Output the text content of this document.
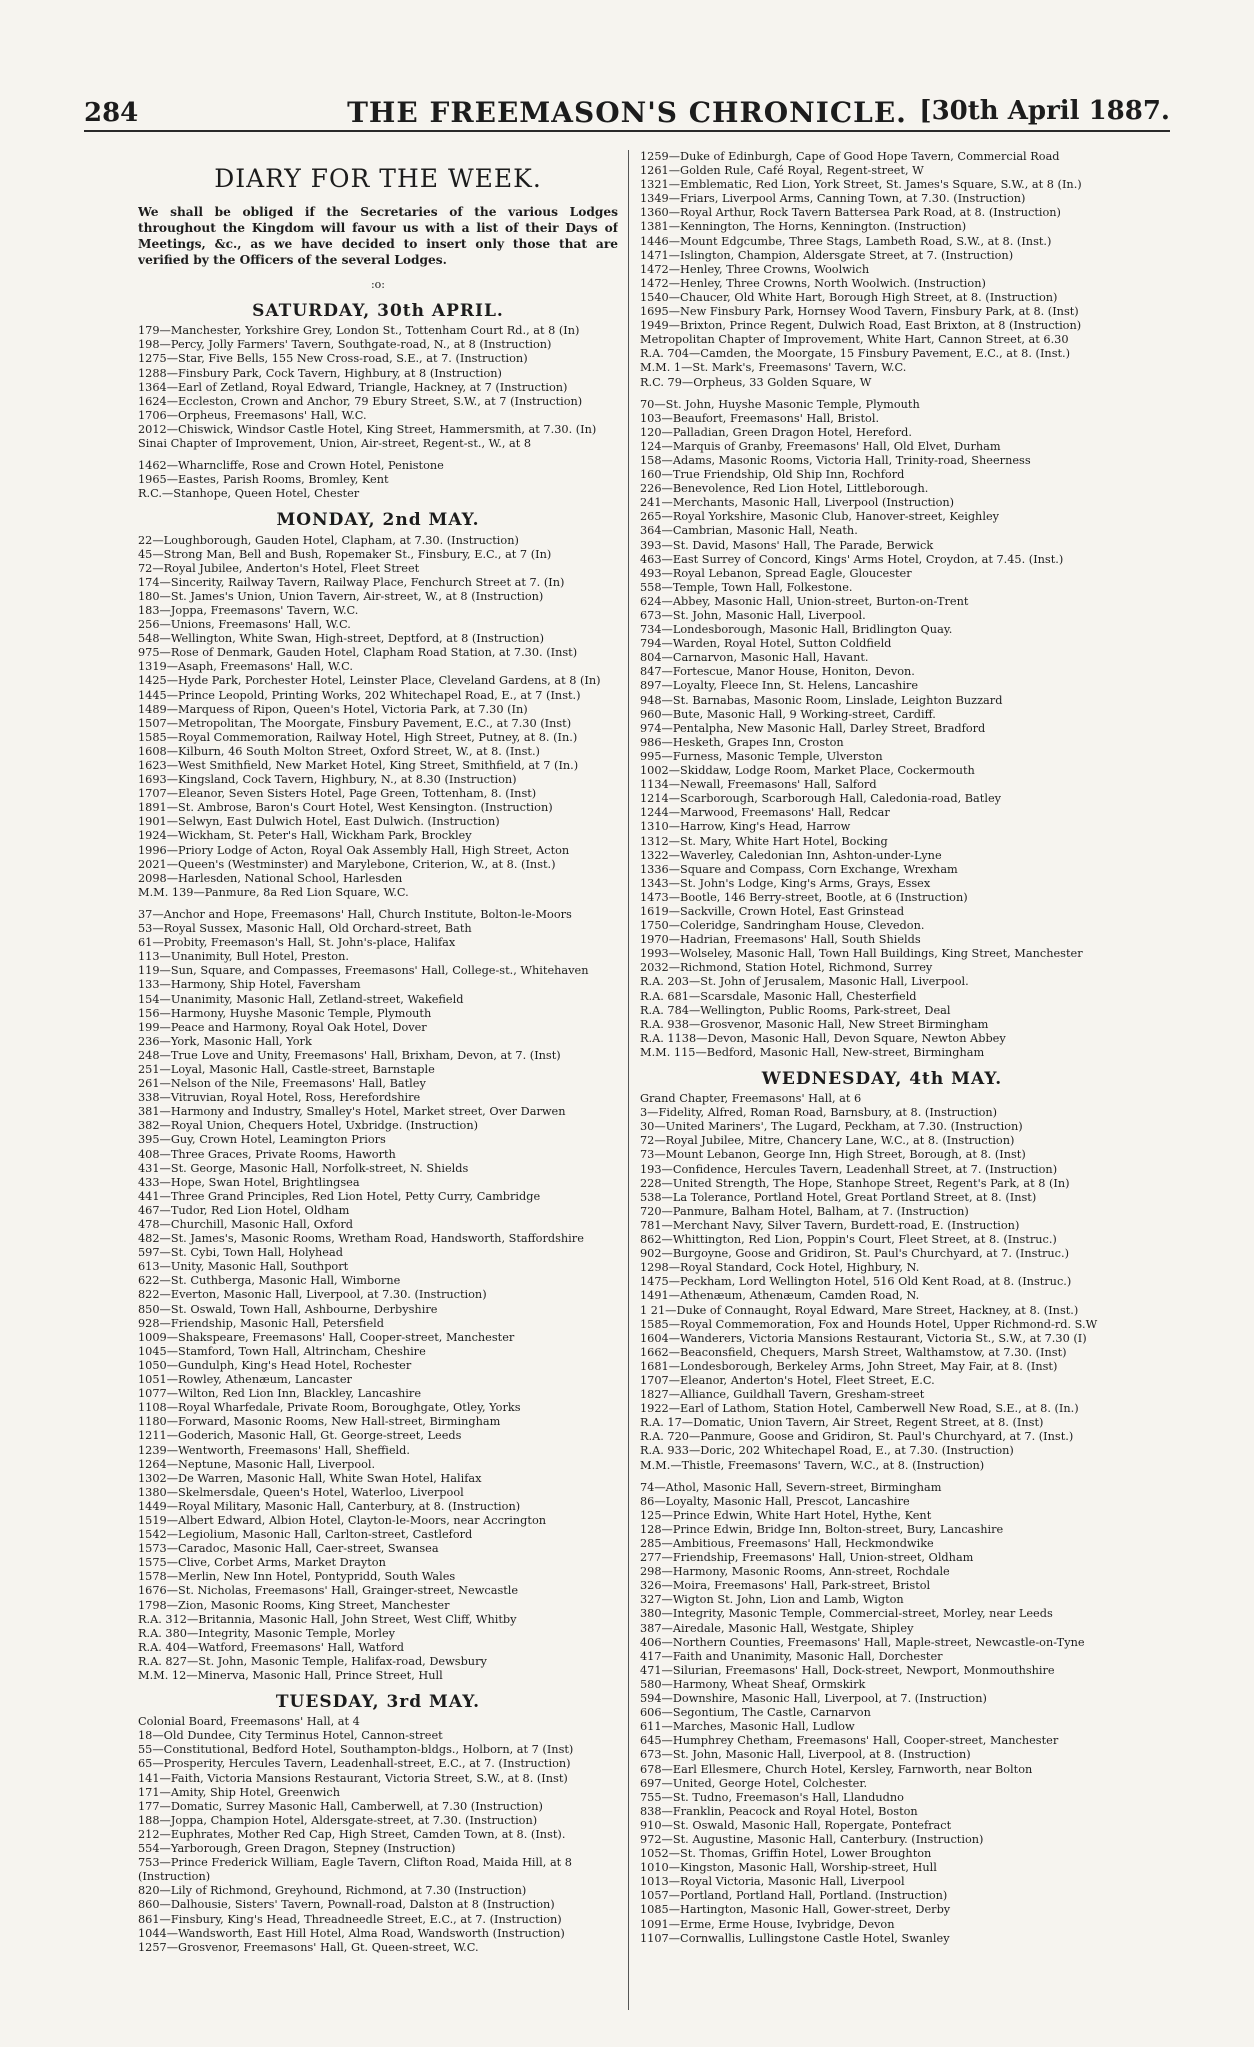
284	THE FREEMASON'S CHRONICLE. [30th April 1887.
DIARY FOR THE WEEK.
We shall be obliged if the Secretaries of the various Lodges throughout the Kingdom will favour us with a list of their Days of Meetings, &c., as we have decided to insert only those that are verified by the Officers of the several Lodges.
:o:
SATURDAY, 30th APRIL.
179—Manchester, Yorkshire Grey, London St., Tottenham Court Rd., at 8 (In)
198—Percy, Jolly Farmers' Tavern, Southgate-road, N., at 8 (Instruction)
1275—Star, Five Bells, 155 New Cross-road, S.E., at 7. (Instruction)
1288—Finsbury Park, Cock Tavern, Highbury, at 8 (Instruction)
1364—Earl of Zetland, Royal Edward, Triangle, Hackney, at 7 (Instruction)
1624—Eccleston, Crown and Anchor, 79 Ebury Street, S.W., at 7 (Instruction)
1706—Orpheus, Freemasons' Hall, W.C.
2012—Chiswick, Windsor Castle Hotel, King Street, Hammersmith, at 7.30. (In)
Sinai Chapter of Improvement, Union, Air-street, Regent-st., W., at 8
1462—Wharncliffe, Rose and Crown Hotel, Penistone
1965—Eastes, Parish Rooms, Bromley, Kent
R.C.—Stanhope, Queen Hotel, Chester
MONDAY, 2nd MAY.
22—Loughborough, Gauden Hotel, Clapham, at 7.30. (Instruction)
45—Strong Man, Bell and Bush, Ropemaker St., Finsbury, E.C., at 7 (In)
72—Royal Jubilee, Anderton's Hotel, Fleet Street
174—Sincerity, Railway Tavern, Railway Place, Fenchurch Street at 7. (In)
180—St. James's Union, Union Tavern, Air-street, W., at 8 (Instruction)
183—Joppa, Freemasons' Tavern, W.C.
256—Unions, Freemasons' Hall, W.C.
548—Wellington, White Swan, High-street, Deptford, at 8 (Instruction)
975—Rose of Denmark, Gauden Hotel, Clapham Road Station, at 7.30. (Inst)
1319—Asaph, Freemasons' Hall, W.C.
1425—Hyde Park, Porchester Hotel, Leinster Place, Cleveland Gardens, at 8 (In)
1445—Prince Leopold, Printing Works, 202 Whitechapel Road, E., at 7 (Inst.)
1489—Marquess of Ripon, Queen's Hotel, Victoria Park, at 7.30 (In)
1507—Metropolitan, The Moorgate, Finsbury Pavement, E.C., at 7.30 (Inst)
1585—Royal Commemoration, Railway Hotel, High Street, Putney, at 8. (In.)
1608—Kilburn, 46 South Molton Street, Oxford Street, W., at 8. (Inst.)
1623—West Smithfield, New Market Hotel, King Street, Smithfield, at 7 (In.)
1693—Kingsland, Cock Tavern, Highbury, N., at 8.30 (Instruction)
1707—Eleanor, Seven Sisters Hotel, Page Green, Tottenham, 8. (Inst)
1891—St. Ambrose, Baron's Court Hotel, West Kensington. (Instruction)
1901—Selwyn, East Dulwich Hotel, East Dulwich. (Instruction)
1924—Wickham, St. Peter's Hall, Wickham Park, Brockley
1996—Priory Lodge of Acton, Royal Oak Assembly Hall, High Street, Acton
2021—Queen's (Westminster) and Marylebone, Criterion, W., at 8. (Inst.)
2098—Harlesden, National School, Harlesden
M.M. 139—Panmure, 8a Red Lion Square, W.C.
37—Anchor and Hope, Freemasons' Hall, Church Institute, Bolton-le-Moors
53—Royal Sussex, Masonic Hall, Old Orchard-street, Bath
61—Probity, Freemason's Hall, St. John's-place, Halifax
113—Unanimity, Bull Hotel, Preston.
119—Sun, Square, and Compasses, Freemasons' Hall, College-st., Whitehaven
133—Harmony, Ship Hotel, Faversham
154—Unanimity, Masonic Hall, Zetland-street, Wakefield
156—Harmony, Huyshe Masonic Temple, Plymouth
199—Peace and Harmony, Royal Oak Hotel, Dover
236—York, Masonic Hall, York
248—True Love and Unity, Freemasons' Hall, Brixham, Devon, at 7. (Inst)
251—Loyal, Masonic Hall, Castle-street, Barnstaple
261—Nelson of the Nile, Freemasons' Hall, Batley
338—Vitruvian, Royal Hotel, Ross, Herefordshire
381—Harmony and Industry, Smalley's Hotel, Market street, Over Darwen
382—Royal Union, Chequers Hotel, Uxbridge. (Instruction)
395—Guy, Crown Hotel, Leamington Priors
408—Three Graces, Private Rooms, Haworth
431—St. George, Masonic Hall, Norfolk-street, N. Shields
433—Hope, Swan Hotel, Brightlingsea
441—Three Grand Principles, Red Lion Hotel, Petty Curry, Cambridge
467—Tudor, Red Lion Hotel, Oldham
478—Churchill, Masonic Hall, Oxford
482—St. James's, Masonic Rooms, Wretham Road, Handsworth, Staffordshire
597—St. Cybi, Town Hall, Holyhead
613—Unity, Masonic Hall, Southport
622—St. Cuthberga, Masonic Hall, Wimborne
822—Everton, Masonic Hall, Liverpool, at 7.30. (Instruction)
850—St. Oswald, Town Hall, Ashbourne, Derbyshire
928—Friendship, Masonic Hall, Petersfield
1009—Shakspeare, Freemasons' Hall, Cooper-street, Manchester
1045—Stamford, Town Hall, Altrincham, Cheshire
1050—Gundulph, King's Head Hotel, Rochester
1051—Rowley, Athenæum, Lancaster
1077—Wilton, Red Lion Inn, Blackley, Lancashire
1108—Royal Wharfedale, Private Room, Boroughgate, Otley, Yorks
1180—Forward, Masonic Rooms, New Hall-street, Birmingham
1211—Goderich, Masonic Hall, Gt. George-street, Leeds
1239—Wentworth, Freemasons' Hall, Sheffield.
1264—Neptune, Masonic Hall, Liverpool.
1302—De Warren, Masonic Hall, White Swan Hotel, Halifax
1380—Skelmersdale, Queen's Hotel, Waterloo, Liverpool
1449—Royal Military, Masonic Hall, Canterbury, at 8. (Instruction)
1519—Albert Edward, Albion Hotel, Clayton-le-Moors, near Accrington
1542—Legiolium, Masonic Hall, Carlton-street, Castleford
1573—Caradoc, Masonic Hall, Caer-street, Swansea
1575—Clive, Corbet Arms, Market Drayton
1578—Merlin, New Inn Hotel, Pontypridd, South Wales
1676—St. Nicholas, Freemasons' Hall, Grainger-street, Newcastle
1798—Zion, Masonic Rooms, King Street, Manchester
R.A. 312—Britannia, Masonic Hall, John Street, West Cliff, Whitby
R.A. 380—Integrity, Masonic Temple, Morley
R.A. 404—Watford, Freemasons' Hall, Watford
R.A. 827—St. John, Masonic Temple, Halifax-road, Dewsbury
M.M. 12—Minerva, Masonic Hall, Prince Street, Hull
TUESDAY, 3rd MAY.
Colonial Board, Freemasons' Hall, at 4
18—Old Dundee, City Terminus Hotel, Cannon-street
55—Constitutional, Bedford Hotel, Southampton-bldgs., Holborn, at 7 (Inst)
65—Prosperity, Hercules Tavern, Leadenhall-street, E.C., at 7. (Instruction)
141—Faith, Victoria Mansions Restaurant, Victoria Street, S.W., at 8. (Inst)
171—Amity, Ship Hotel, Greenwich
177—Domatic, Surrey Masonic Hall, Camberwell, at 7.30 (Instruction)
188—Joppa, Champion Hotel, Aldersgate-street, at 7.30. (Instruction)
212—Euphrates, Mother Red Cap, High Street, Camden Town, at 8. (Inst).
554—Yarborough, Green Dragon, Stepney (Instruction)
753—Prince Frederick William, Eagle Tavern, Clifton Road, Maida Hill, at 8
(Instruction)
820—Lily of Richmond, Greyhound, Richmond, at 7.30 (Instruction)
860—Dalhousie, Sisters' Tavern, Pownall-road, Dalston at 8 (Instruction)
861—Finsbury, King's Head, Threadneedle Street, E.C., at 7. (Instruction)
1044—Wandsworth, East Hill Hotel, Alma Road, Wandsworth (Instruction)
1257—Grosvenor, Freemasons' Hall, Gt. Queen-street, W.C.
1259—Duke of Edinburgh, Cape of Good Hope Tavern, Commercial Road
1261—Golden Rule, Café Royal, Regent-street, W
1321—Emblematic, Red Lion, York Street, St. James's Square, S.W., at 8 (In.)
1349—Friars, Liverpool Arms, Canning Town, at 7.30. (Instruction)
1360—Royal Arthur, Rock Tavern Battersea Park Road, at 8. (Instruction)
1381—Kennington, The Horns, Kennington. (Instruction)
1446—Mount Edgcumbe, Three Stags, Lambeth Road, S.W., at 8. (Inst.)
1471—Islington, Champion, Aldersgate Street, at 7. (Instruction)
1472—Henley, Three Crowns, Woolwich
1472—Henley, Three Crowns, North Woolwich. (Instruction)
1540—Chaucer, Old White Hart, Borough High Street, at 8. (Instruction)
1695—New Finsbury Park, Hornsey Wood Tavern, Finsbury Park, at 8. (Inst)
1949—Brixton, Prince Regent, Dulwich Road, East Brixton, at 8 (Instruction)
Metropolitan Chapter of Improvement, White Hart, Cannon Street, at 6.30
R.A. 704—Camden, the Moorgate, 15 Finsbury Pavement, E.C., at 8. (Inst.)
M.M. 1—St. Mark's, Freemasons' Tavern, W.C.
R.C. 79—Orpheus, 33 Golden Square, W
70—St. John, Huyshe Masonic Temple, Plymouth
103—Beaufort, Freemasons' Hall, Bristol.
120—Palladian, Green Dragon Hotel, Hereford.
124—Marquis of Granby, Freemasons' Hall, Old Elvet, Durham
158—Adams, Masonic Rooms, Victoria Hall, Trinity-road, Sheerness
160—True Friendship, Old Ship Inn, Rochford
226—Benevolence, Red Lion Hotel, Littleborough.
241—Merchants, Masonic Hall, Liverpool (Instruction)
265—Royal Yorkshire, Masonic Club, Hanover-street, Keighley
364—Cambrian, Masonic Hall, Neath.
393—St. David, Masons' Hall, The Parade, Berwick
463—East Surrey of Concord, Kings' Arms Hotel, Croydon, at 7.45. (Inst.)
493—Royal Lebanon, Spread Eagle, Gloucester
558—Temple, Town Hall, Folkestone.
624—Abbey, Masonic Hall, Union-street, Burton-on-Trent
673—St. John, Masonic Hall, Liverpool.
734—Londesborough, Masonic Hall, Bridlington Quay.
794—Warden, Royal Hotel, Sutton Coldfield
804—Carnarvon, Masonic Hall, Havant.
847—Fortescue, Manor House, Honiton, Devon.
897—Loyalty, Fleece Inn, St. Helens, Lancashire
948—St. Barnabas, Masonic Room, Linslade, Leighton Buzzard
960—Bute, Masonic Hall, 9 Working-street, Cardiff.
974—Pentalpha, New Masonic Hall, Darley Street, Bradford
986—Hesketh, Grapes Inn, Croston
995—Furness, Masonic Temple, Ulverston
1002—Skiddaw, Lodge Room, Market Place, Cockermouth
1134—Newall, Freemasons' Hall, Salford
1214—Scarborough, Scarborough Hall, Caledonia-road, Batley
1244—Marwood, Freemasons' Hall, Redcar
1310—Harrow, King's Head, Harrow
1312—St. Mary, White Hart Hotel, Bocking
1322—Waverley, Caledonian Inn, Ashton-under-Lyne
1336—Square and Compass, Corn Exchange, Wrexham
1343—St. John's Lodge, King's Arms, Grays, Essex
1473—Bootle, 146 Berry-street, Bootle, at 6 (Instruction)
1619—Sackville, Crown Hotel, East Grinstead
1750—Coleridge, Sandringham House, Clevedon.
1970—Hadrian, Freemasons' Hall, South Shields
1993—Wolseley, Masonic Hall, Town Hall Buildings, King Street, Manchester
2032—Richmond, Station Hotel, Richmond, Surrey
R.A. 203—St. John of Jerusalem, Masonic Hall, Liverpool.
R.A. 681—Scarsdale, Masonic Hall, Chesterfield
R.A. 784—Wellington, Public Rooms, Park-street, Deal
R.A. 938—Grosvenor, Masonic Hall, New Street Birmingham
R.A. 1138—Devon, Masonic Hall, Devon Square, Newton Abbey
M.M. 115—Bedford, Masonic Hall, New-street, Birmingham
WEDNESDAY, 4th MAY.
Grand Chapter, Freemasons' Hall, at 6
3—Fidelity, Alfred, Roman Road, Barnsbury, at 8. (Instruction)
30—United Mariners', The Lugard, Peckham, at 7.30. (Instruction)
72—Royal Jubilee, Mitre, Chancery Lane, W.C., at 8. (Instruction)
73—Mount Lebanon, George Inn, High Street, Borough, at 8. (Inst)
193—Confidence, Hercules Tavern, Leadenhall Street, at 7. (Instruction)
228—United Strength, The Hope, Stanhope Street, Regent's Park, at 8 (In)
538—La Tolerance, Portland Hotel, Great Portland Street, at 8. (Inst)
720—Panmure, Balham Hotel, Balham, at 7. (Instruction)
781—Merchant Navy, Silver Tavern, Burdett-road, E. (Instruction)
862—Whittington, Red Lion, Poppin's Court, Fleet Street, at 8. (Instruc.)
902—Burgoyne, Goose and Gridiron, St. Paul's Churchyard, at 7. (Instruc.)
1298—Royal Standard, Cock Hotel, Highbury, N.
1475—Peckham, Lord Wellington Hotel, 516 Old Kent Road, at 8. (Instruc.)
1491—Athenæum, Athenæum, Camden Road, N.
1 21—Duke of Connaught, Royal Edward, Mare Street, Hackney, at 8. (Inst.)
1585—Royal Commemoration, Fox and Hounds Hotel, Upper Richmond-rd. S.W
1604—Wanderers, Victoria Mansions Restaurant, Victoria St., S.W., at 7.30 (I)
1662—Beaconsfield, Chequers, Marsh Street, Walthamstow, at 7.30. (Inst)
1681—Londesborough, Berkeley Arms, John Street, May Fair, at 8. (Inst)
1707—Eleanor, Anderton's Hotel, Fleet Street, E.C.
1827—Alliance, Guildhall Tavern, Gresham-street
1922—Earl of Lathom, Station Hotel, Camberwell New Road, S.E., at 8. (In.)
R.A. 17—Domatic, Union Tavern, Air Street, Regent Street, at 8. (Inst)
R.A. 720—Panmure, Goose and Gridiron, St. Paul's Churchyard, at 7. (Inst.)
R.A. 933—Doric, 202 Whitechapel Road, E., at 7.30. (Instruction)
M.M.—Thistle, Freemasons' Tavern, W.C., at 8. (Instruction)
74—Athol, Masonic Hall, Severn-street, Birmingham
86—Loyalty, Masonic Hall, Prescot, Lancashire
125—Prince Edwin, White Hart Hotel, Hythe, Kent
128—Prince Edwin, Bridge Inn, Bolton-street, Bury, Lancashire
285—Ambitious, Freemasons' Hall, Heckmondwike
277—Friendship, Freemasons' Hall, Union-street, Oldham
298—Harmony, Masonic Rooms, Ann-street, Rochdale
326—Moira, Freemasons' Hall, Park-street, Bristol
327—Wigton St. John, Lion and Lamb, Wigton
380—Integrity, Masonic Temple, Commercial-street, Morley, near Leeds
387—Airedale, Masonic Hall, Westgate, Shipley
406—Northern Counties, Freemasons' Hall, Maple-street, Newcastle-on-Tyne
417—Faith and Unanimity, Masonic Hall, Dorchester
471—Silurian, Freemasons' Hall, Dock-street, Newport, Monmouthshire
580—Harmony, Wheat Sheaf, Ormskirk
594—Downshire, Masonic Hall, Liverpool, at 7. (Instruction)
606—Segontium, The Castle, Carnarvon
611—Marches, Masonic Hall, Ludlow
645—Humphrey Chetham, Freemasons' Hall, Cooper-street, Manchester
673—St. John, Masonic Hall, Liverpool, at 8. (Instruction)
678—Earl Ellesmere, Church Hotel, Kersley, Farnworth, near Bolton
697—United, George Hotel, Colchester.
755—St. Tudno, Freemason's Hall, Llandudno
838—Franklin, Peacock and Royal Hotel, Boston
910—St. Oswald, Masonic Hall, Ropergate, Pontefract
972—St. Augustine, Masonic Hall, Canterbury. (Instruction)
1052—St. Thomas, Griffin Hotel, Lower Broughton
1010—Kingston, Masonic Hall, Worship-street, Hull
1013—Royal Victoria, Masonic Hall, Liverpool
1057—Portland, Portland Hall, Portland. (Instruction)
1085—Hartington, Masonic Hall, Gower-street, Derby
1091—Erme, Erme House, Ivybridge, Devon
1107—Cornwallis, Lullingstone Castle Hotel, Swanley
